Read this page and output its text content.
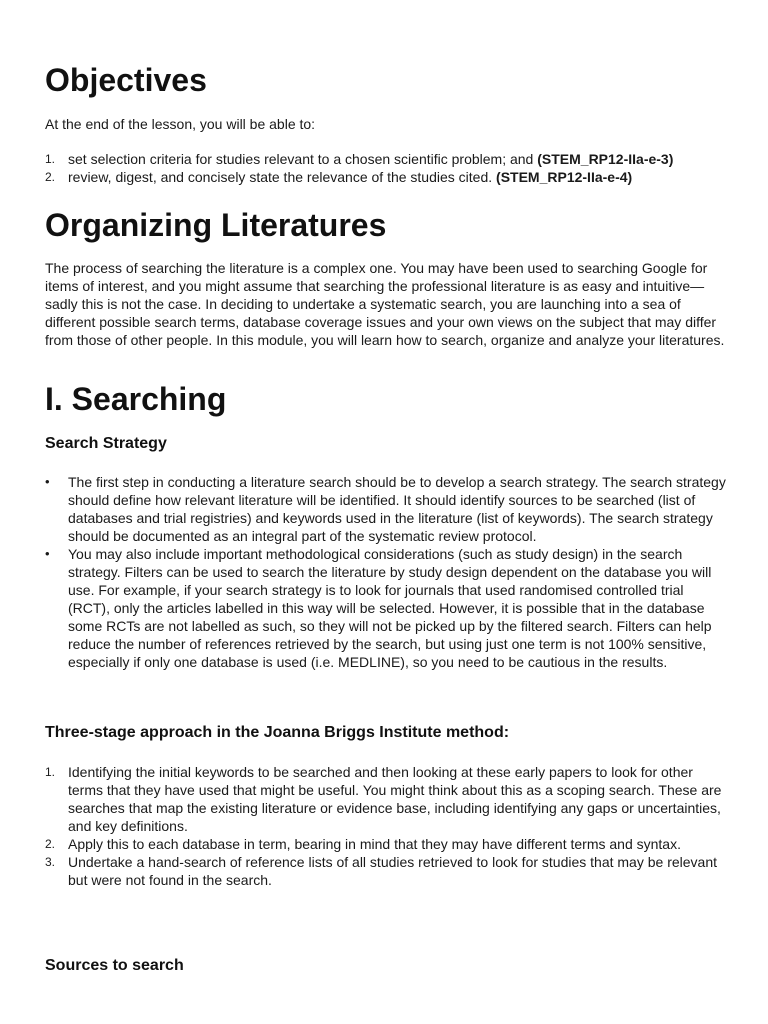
Objectives

At the end of the lesson, you will be able to:

1. set selection criteria for studies relevant to a chosen scientific problem; and (STEM_RP12-IIa-e-3)
2. review, digest, and concisely state the relevance of the studies cited. (STEM_RP12-IIa-e-4)
Organizing Literatures

The process of searching the literature is a complex one. You may have been used to searching Google for items of interest, and you might assume that searching the professional literature is as easy and intuitive—sadly this is not the case. In deciding to undertake a systematic search, you are launching into a sea of different possible search terms, database coverage issues and your own views on the subject that may differ from those of other people. In this module, you will learn how to search, organize and analyze your literatures.

I. Searching
Search Strategy
• The first step in conducting a literature search should be to develop a search strategy. The search strategy should define how relevant literature will be identified. It should identify sources to be searched (list of databases and trial registries) and keywords used in the literature (list of keywords). The search strategy should be documented as an integral part of the systematic review protocol.
• You may also include important methodological considerations (such as study design) in the search strategy. Filters can be used to search the literature by study design dependent on the database you will use. For example, if your search strategy is to look for journals that used randomised controlled trial (RCT), only the articles labelled in this way will be selected. However, it is possible that in the database some RCTs are not labelled as such, so they will not be picked up by the filtered search. Filters can help reduce the number of references retrieved by the search, but using just one term is not 100% sensitive, especially if only one database is used (i.e. MEDLINE), so you need to be cautious in the results.
Three-stage approach in the Joanna Briggs Institute method:
1. Identifying the initial keywords to be searched and then looking at these early papers to look for other terms that they have used that might be useful. You might think about this as a scoping search. These are searches that map the existing literature or evidence base, including identifying any gaps or uncertainties, and key definitions.
2. Apply this to each database in term, bearing in mind that they may have different terms and syntax.
3. Undertake a hand-search of reference lists of all studies retrieved to look for studies that may be relevant but were not found in the search.
Sources to search
